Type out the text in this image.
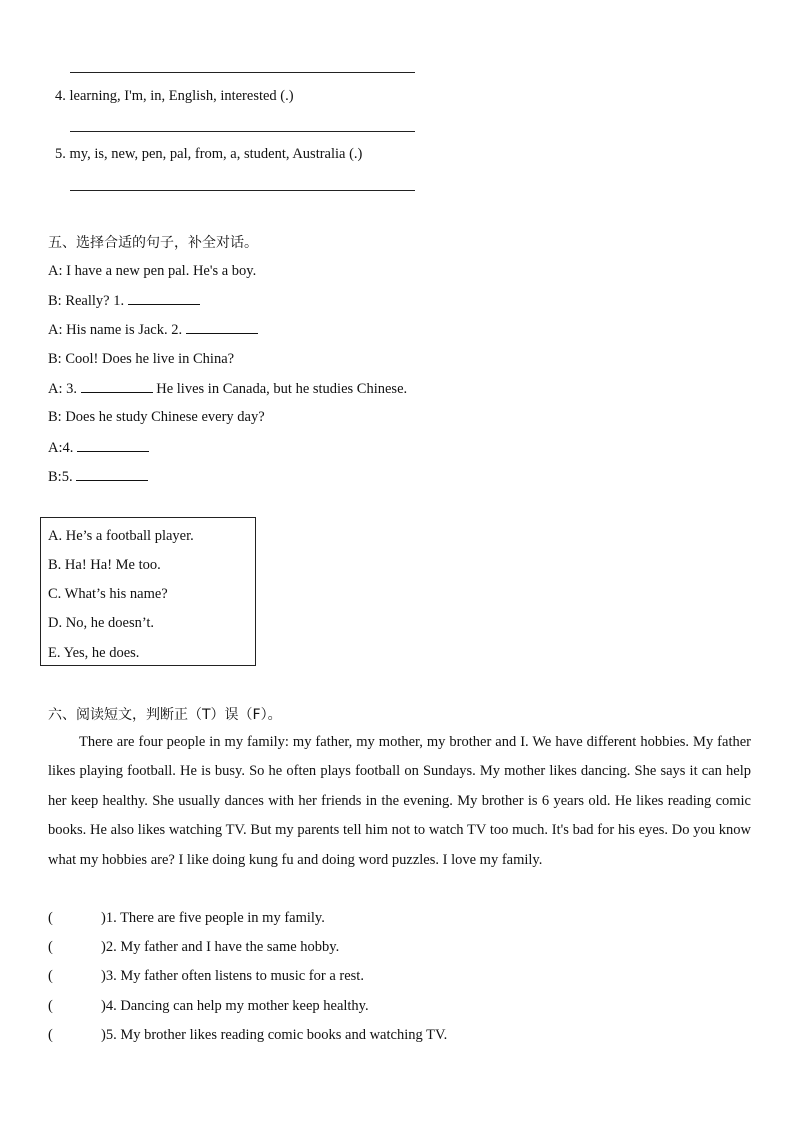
4. learning, I'm, in, English, interested (.)
5. my, is, new, pen, pal, from, a, student, Australia (.)
五、选择合适的句子，补全对话。
A: I have a new pen pal. He's a boy.
B: Really? 1.
A: His name is Jack. 2.
B: Cool! Does he live in China?
A: 3.	He lives in Canada, but he studies Chinese.
B: Does he study Chinese every day?
A:4.
B:5.
A. He’s a football player.
B. Ha! Ha! Me too.
C. What’s his name?
D. No, he doesn’t.
E. Yes, he does.
六、阅读短文，判断正（T）误（F）。
There are four people in my family: my father, my mother, my brother and I. We have different hobbies. My father likes playing football. He is busy. So he often plays football on Sundays. My mother likes dancing. She says it can help her keep healthy. She usually dances with her friends in the evening. My brother is 6 years old. He likes reading comic books. He also likes watching TV. But my parents tell him not to watch TV too much. It's bad for his eyes. Do you know what my hobbies are? I like doing kung fu and doing word puzzles. I love my family.
(	)1. There are five people in my family.
(	)2. My father and I have the same hobby.
(	)3. My father often listens to music for a rest.
(	)4. Dancing can help my mother keep healthy.
(	)5. My brother likes reading comic books and watching TV.
